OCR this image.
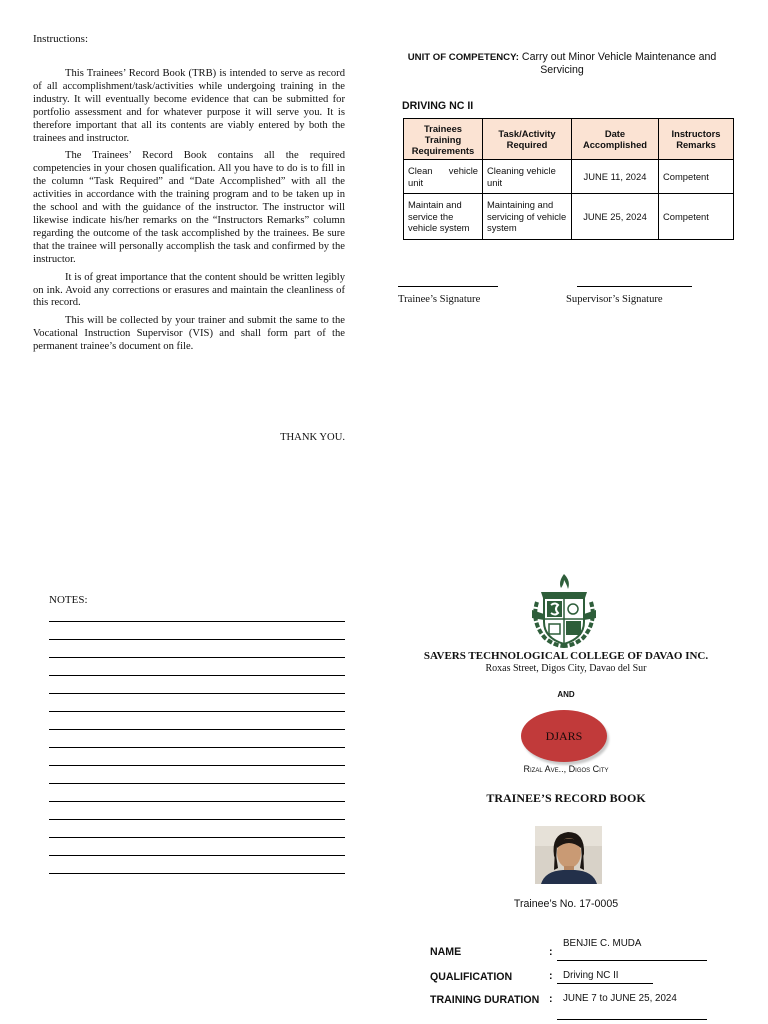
Instructions:

This Trainees’ Record Book (TRB) is intended to serve as record of all accomplishment/task/activities while undergoing training in the industry. It will eventually become evidence that can be submitted for portfolio assessment and for whatever purpose it will serve you. It is therefore important that all its contents are viably entered by both the trainees and instructor.

The Trainees’ Record Book contains all the required competencies in your chosen qualification. All you have to do is to fill in the column “Task Required” and “Date Accomplished” with all the activities in accordance with the training program and to be taken up in the school and with the guidance of the instructor. The instructor will likewise indicate his/her remarks on the “Instructors Remarks” column regarding the outcome of the task accomplished by the trainees. Be sure that the trainee will personally accomplish the task and confirmed by the instructor.

It is of great importance that the content should be written legibly on ink. Avoid any corrections or erasures and maintain the cleanliness of this record.

This will be collected by your trainer and submit the same to the Vocational Instruction Supervisor (VIS) and shall form part of the permanent trainee’s document on file.

THANK YOU.
UNIT OF COMPETENCY: Carry out Minor Vehicle Maintenance and Servicing
DRIVING NC II
Trainees Training Requirements	Task/Activity Required	Date Accomplished	Instructors Remarks
Clean vehicle unit	Cleaning vehicle unit	JUNE 11, 2024	Competent
Maintain and service the vehicle system	Maintaining and servicing of vehicle system	JUNE 25, 2024	Competent
Trainee’s Signature	Supervisor’s Signature
NOTES:
SAVERS TECHNOLOGICAL COLLEGE OF DAVAO INC.
Roxas Street, Digos City, Davao del Sur
AND
DJARS
Rizal Ave.., Digos City
TRAINEE’S RECORD BOOK
Trainee’s No. 17-0005
NAME	:
BENJIE C. MUDA
QUALIFICATION	: Driving NC II
TRAINING DURATION : JUNE 7 to JUNE 25, 2024
